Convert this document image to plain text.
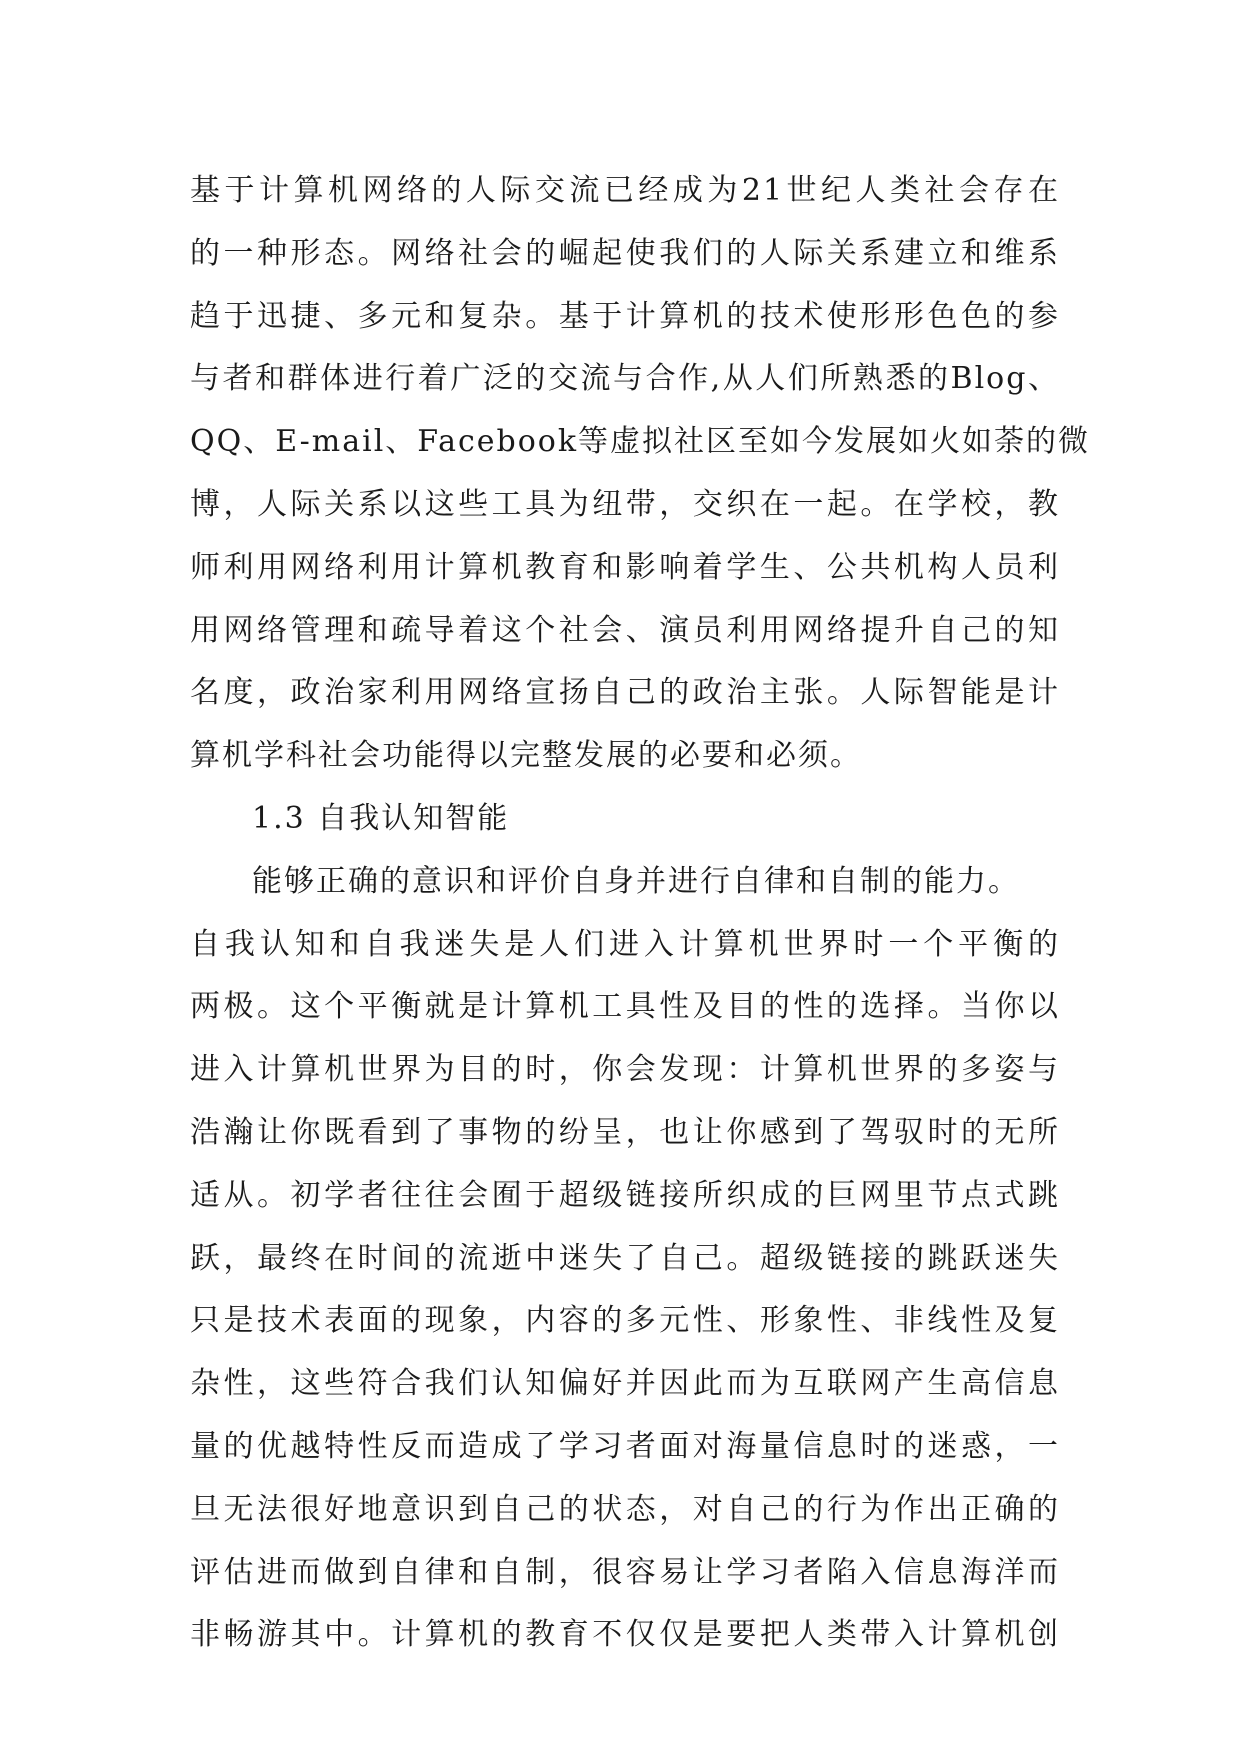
基于计算机网络的人际交流已经成为21世纪人类社会存在
的一种形态。网络社会的崛起使我们的人际关系建立和维系
趋于迅捷、多元和复杂。基于计算机的技术使形形色色的参
与者和群体进行着广泛的交流与合作,从人们所熟悉的Blog、
QQ、E-mail、Facebook等虚拟社区至如今发展如火如荼的微
博，人际关系以这些工具为纽带，交织在一起。在学校，教
师利用网络利用计算机教育和影响着学生、公共机构人员利
用网络管理和疏导着这个社会、演员利用网络提升自己的知
名度，政治家利用网络宣扬自己的政治主张。人际智能是计
算机学科社会功能得以完整发展的必要和必须。
1.3 自我认知智能
能够正确的意识和评价自身并进行自律和自制的能力。
自我认知和自我迷失是人们进入计算机世界时一个平衡的
两极。这个平衡就是计算机工具性及目的性的选择。当你以
进入计算机世界为目的时，你会发现：计算机世界的多姿与
浩瀚让你既看到了事物的纷呈，也让你感到了驾驭时的无所
适从。初学者往往会囿于超级链接所织成的巨网里节点式跳
跃，最终在时间的流逝中迷失了自己。超级链接的跳跃迷失
只是技术表面的现象，内容的多元性、形象性、非线性及复
杂性，这些符合我们认知偏好并因此而为互联网产生高信息
量的优越特性反而造成了学习者面对海量信息时的迷惑，一
旦无法很好地意识到自己的状态，对自己的行为作出正确的
评估进而做到自律和自制，很容易让学习者陷入信息海洋而
非畅游其中。计算机的教育不仅仅是要把人类带入计算机创
